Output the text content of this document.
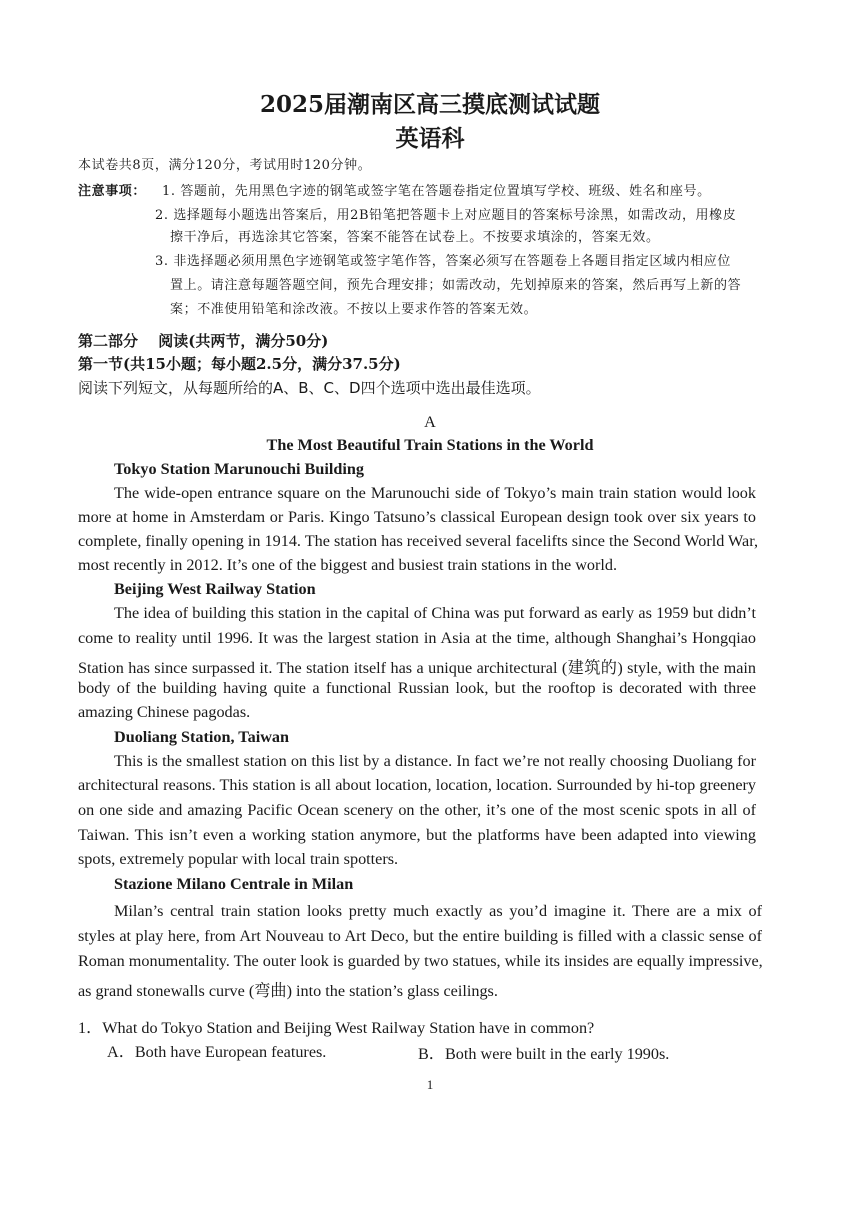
2025届潮南区高三摸底测试试题
英语科
本试卷共8页，满分120分，考试用时120分钟。
注意事项： 1. 答题前，先用黑色字迹的钢笔或签字笔在答题卷指定位置填写学校、班级、姓名和座号。
2. 选择题每小题选出答案后，用2B铅笔把答题卡上对应题目的答案标号涂黑，如需改动，用橡皮
擦干净后，再选涂其它答案，答案不能答在试卷上。不按要求填涂的，答案无效。
3. 非选择题必须用黑色字迹钢笔或签字笔作答，答案必须写在答题卷上各题目指定区域内相应位
置上。请注意每题答题空间，预先合理安排；如需改动，先划掉原来的答案，然后再写上新的答
案；不准使用铅笔和涂改液。不按以上要求作答的答案无效。
第二部分　 阅读(共两节，满分50分)
第一节(共15小题；每小题2.5分，满分37.5分)
阅读下列短文，从每题所给的A、B、C、D四个选项中选出最佳选项。
A
The Most Beautiful Train Stations in the World
Tokyo Station Marunouchi Building
The wide-open entrance square on the Marunouchi side of Tokyo’s main train station would look
more at home in Amsterdam or Paris. Kingo Tatsuno’s classical European design took over six years to
complete, finally opening in 1914. The station has received several facelifts since the Second World War,
most recently in 2012. It’s one of the biggest and busiest train stations in the world.
Beijing West Railway Station
The idea of building this station in the capital of China was put forward as early as 1959 but didn’t
come to reality until 1996. It was the largest station in Asia at the time, although Shanghai’s Hongqiao
Station has since surpassed it. The station itself has a unique architectural (建筑的) style, with the main
body of the building having quite a functional Russian look, but the rooftop is decorated with three
amazing Chinese pagodas.
Duoliang Station, Taiwan
This is the smallest station on this list by a distance. In fact we’re not really choosing Duoliang for
architectural reasons. This station is all about location, location, location. Surrounded by hi-top greenery
on one side and amazing Pacific Ocean scenery on the other, it’s one of the most scenic spots in all of
Taiwan. This isn’t even a working station anymore, but the platforms have been adapted into viewing
spots, extremely popular with local train spotters.
Stazione Milano Centrale in Milan
Milan’s central train station looks pretty much exactly as you’d imagine it. There are a mix of
styles at play here, from Art Nouveau to Art Deco, but the entire building is filled with a classic sense of
Roman monumentality. The outer look is guarded by two statues, while its insides are equally impressive,
as grand stonewalls curve (弯曲) into the station’s glass ceilings.
1．What do Tokyo Station and Beijing West Railway Station have in common?
A．Both have European features.	B．Both were built in the early 1990s.
1
